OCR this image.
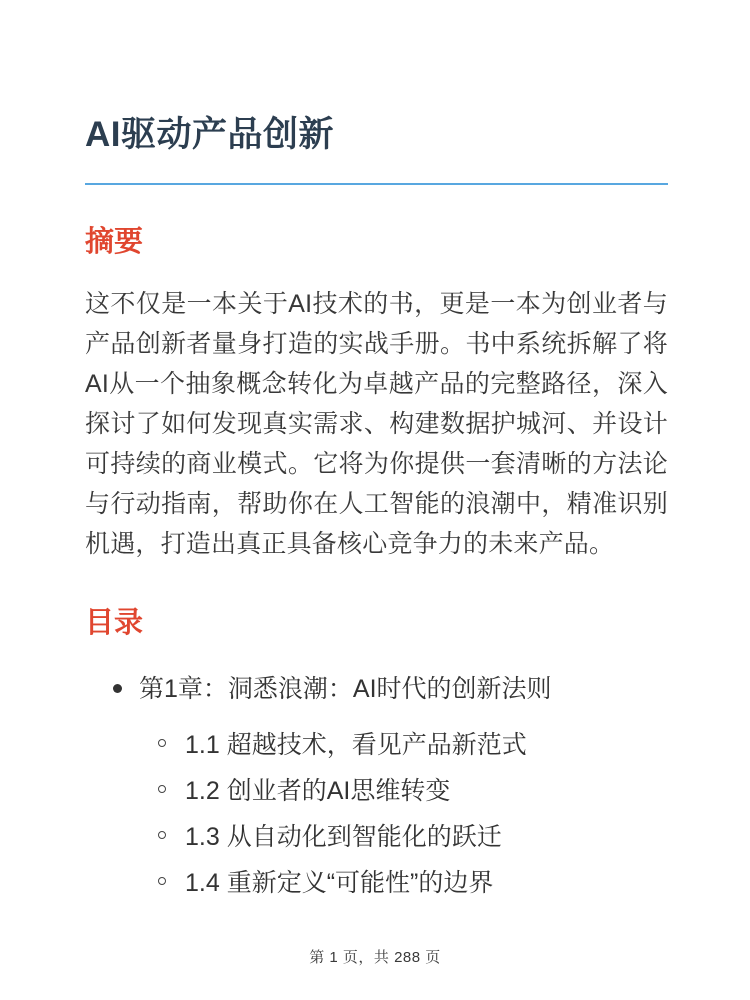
AI驱动产品创新
摘要

这不仅是一本关于AI技术的书，更是一本为创业者与产品创新者量身打造的实战手册。书中系统拆解了将AI从一个抽象概念转化为卓越产品的完整路径，深入探讨了如何发现真实需求、构建数据护城河、并设计可持续的商业模式。它将为你提供一套清晰的方法论与行动指南，帮助你在人工智能的浪潮中，精准识别机遇，打造出真正具备核心竞争力的未来产品。

目录
第1章：洞悉浪潮：AI时代的创新法则
1.1 超越技术，看见产品新范式
1.2 创业者的AI思维转变
1.3 从自动化到智能化的跃迁
1.4 重新定义“可能性”的边界
第 1 页，共 288 页
